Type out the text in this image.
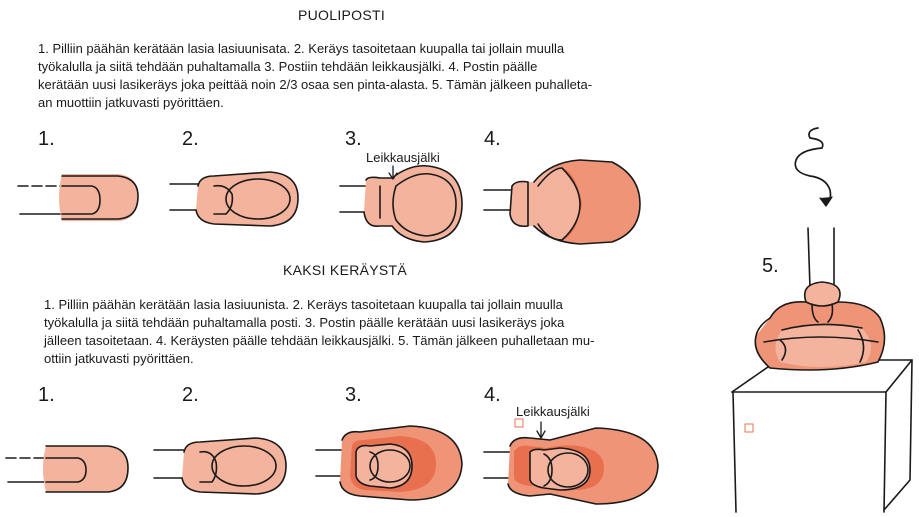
PUOLIPOSTI
1. Pilliin päähän kerätään lasia lasiuunisata. 2. Keräys tasoitetaan kuupalla tai jollain muulla
työkalulla ja siitä tehdään puhaltamalla 3. Postiin tehdään leikkausjälki. 4. Postin päälle
kerätään uusi lasikeräys joka peittää noin 2/3 osaa sen pinta-alasta. 5. Tämän jälkeen puhalleta-
an muottiin jatkuvasti pyörittäen.
1.	2.	3.	4.
Leikkausjälki
KAKSI KERÄYSTÄ
1. Pilliin päähän kerätään lasia lasiuunista. 2. Keräys tasoitetaan kuupalla tai jollain muulla
työkalulla ja siitä tehdään puhaltamalla posti. 3. Postin päälle kerätään uusi lasikeräys joka
jälleen tasoitetaan. 4. Keräysten päälle tehdään leikkausjälki. 5. Tämän jälkeen puhalletaan mu-
ottiin jatkuvasti pyörittäen.
1.	2.	3.	4.
Leikkausjälki
5.
